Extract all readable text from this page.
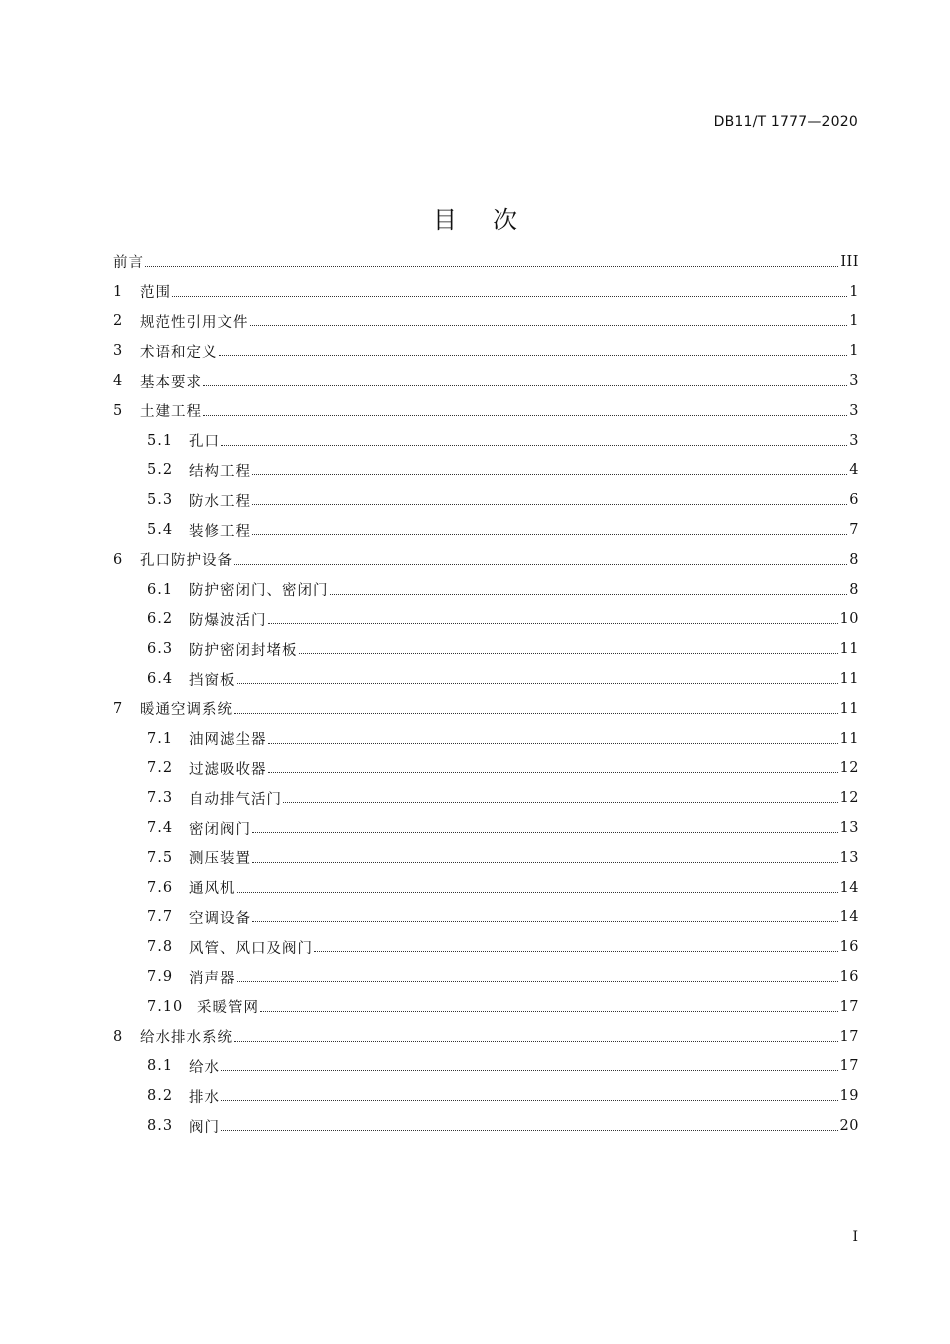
DB11/T 1777—2020
目次
前言	III
1	范围	1
2	规范性引用文件	1
3	术语和定义	1
4	基本要求	3
5	土建工程	3
5.1	孔口	3
5.2	结构工程	4
5.3	防水工程	6
5.4	装修工程	7
6	孔口防护设备	8
6.1	防护密闭门、密闭门	8
6.2	防爆波活门	10
6.3	防护密闭封堵板	11
6.4	挡窗板	11
7	暖通空调系统	11
7.1	油网滤尘器	11
7.2	过滤吸收器	12
7.3	自动排气活门	12
7.4	密闭阀门	13
7.5	测压装置	13
7.6	通风机	14
7.7	空调设备	14
7.8	风管、风口及阀门	16
7.9	消声器	16
7.10 采暖管网	17
8	给水排水系统	17
8.1	给水	17
8.2	排水	19
8.3	阀门	20
I
